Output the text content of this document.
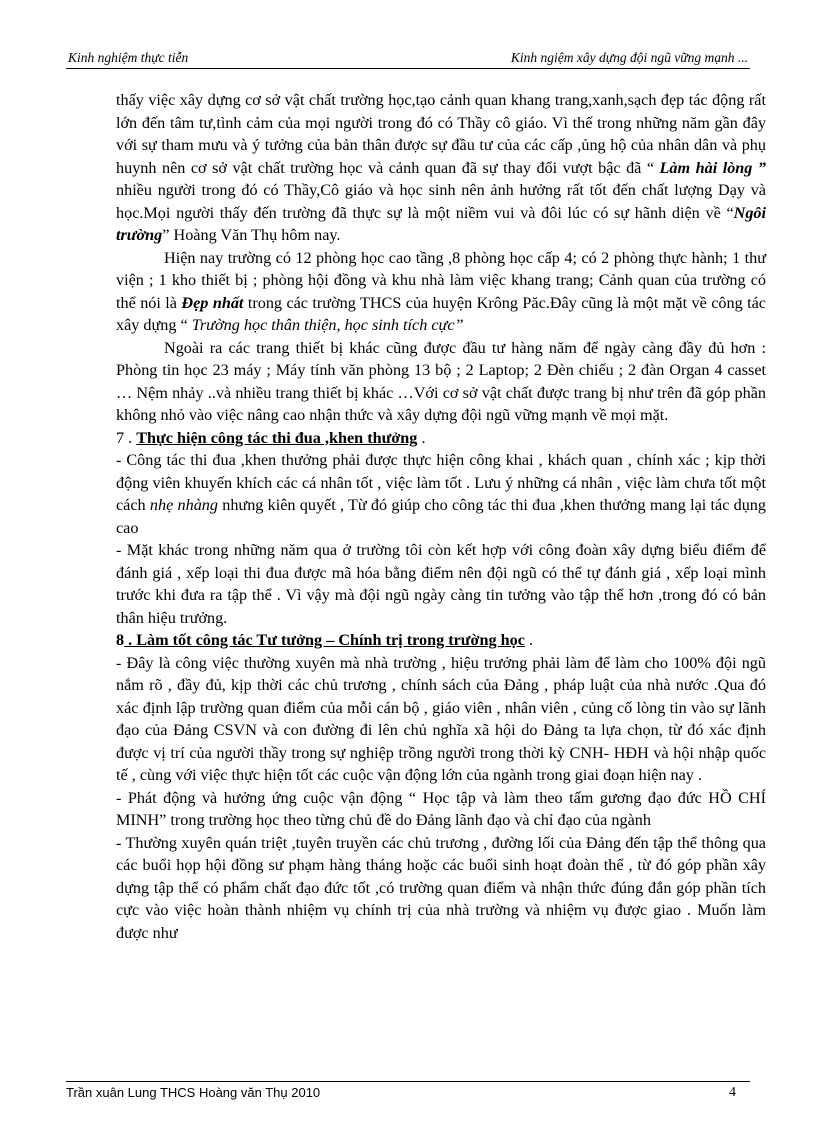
Kinh nghiệm thực tiễn	Kinh ngiệm xây dựng đội ngũ vững mạnh ...

thấy việc xây dựng cơ sở vật chất trường học,tạo cảnh quan khang trang,xanh,sạch đẹp tác động rất lớn đến tâm tư,tình cảm của mọi người trong đó có Thầy cô giáo. Vì thế trong những năm gần đây với sự tham mưu và ý tưởng của bản thân được sự đầu tư của các cấp ,ủng hộ của nhân dân và phụ huynh nên cơ sở vật chất trường học và cảnh quan đã sự thay đổi vượt bậc đã “ Làm hài lòng ” nhiều người trong đó có Thầy,Cô giáo và học sinh nên ảnh hưởng rất tốt đến chất lượng Dạy và học.Mọi người thấy đến trường đã thực sự là một niềm vui và đôi lúc có sự hãnh diện về “Ngôi trường” Hoàng Văn Thụ hôm nay.

Hiện nay trường có 12 phòng học cao tầng ,8 phòng học cấp 4; có 2 phòng thực hành; 1 thư viện ; 1 kho thiết bị ; phòng hội đồng và khu nhà làm việc khang trang; Cảnh quan của trường có thể nói là Đẹp nhất trong các trường THCS của huyện Krông Păc.Đây cũng là một mặt về công tác xây dựng “ Trường học thân thiện, học sinh tích cực”

Ngoài ra các trang thiết bị khác cũng được đầu tư hàng năm để ngày càng đầy đủ hơn : Phòng tin học 23 máy ; Máy tính văn phòng 13 bộ ; 2 Laptop; 2 Đèn chiếu ; 2 đàn Organ 4 casset … Nệm nhảy ..và nhiều trang thiết bị khác …Với cơ sở vật chất được trang bị như trên đã góp phần không nhỏ vào việc nâng cao nhận thức và xây dựng đội ngũ vững mạnh về mọi mặt.

7 . Thực hiện công tác thi đua ,khen thưởng .

- Công tác thi đua ,khen thưởng phải được thực hiện công khai , khách quan , chính xác ; kịp thời động viên khuyến khích các cá nhân tốt , việc làm tốt . Lưu ý những cá nhân , việc làm chưa tốt một cách nhẹ nhàng nhưng kiên quyết , Từ đó giúp cho công tác thi đua ,khen thưởng mang lại tác dụng cao

- Mặt khác trong những năm qua ở trường tôi còn kết hợp với công đoàn xây dựng biểu điểm để đánh giá , xếp loại thi đua được mã hóa bằng điểm nên đội ngũ có thể tự đánh giá , xếp loại mình trước khi đưa ra tập thể . Vì vậy mà đội ngũ ngày càng tin tưởng vào tập thể hơn ,trong đó có bản thân hiệu trưởng.

8 . Làm tốt công tác Tư tưởng – Chính trị trong trường học .

- Đây là công việc thường xuyên mà nhà trường , hiệu trưởng phải làm để làm cho 100% đội ngũ nắm rõ , đầy đủ, kịp thời các chủ trương , chính sách của Đảng , pháp luật của nhà nước .Qua đó xác định lập trường quan điểm của mỗi cán bộ , giáo viên , nhân viên , củng cố lòng tin vào sự lãnh đạo của Đảng CSVN và con đường đi lên chủ nghĩa xã hội do Đảng ta lựa chọn, từ đó xác định được vị trí của người thầy trong sự nghiệp trồng người trong thời kỳ CNH- HĐH và hội nhập quốc tế , cùng với việc thực hiện tốt các cuộc vận động lớn của ngành trong giai đoạn hiện nay .

- Phát động và hưởng ứng cuộc vận động “ Học tập và làm theo tấm gương đạo đức HỒ CHÍ MINH” trong trường học theo từng chủ đề do Đảng lãnh đạo và chỉ đạo của ngành

- Thường xuyên quán triệt ,tuyên truyền các chủ trương , đường lối của Đảng đến tập thể thông qua các buổi họp hội đồng sư phạm hàng tháng hoặc các buổi sinh hoạt đoàn thể , từ đó góp phần xây dựng tập thể có phẩm chất đạo đức tốt ,có trường quan điểm và nhận thức đúng đắn góp phần tích cực vào việc hoàn thành nhiệm vụ chính trị của nhà trường và nhiệm vụ được giao . Muốn làm được như

Trần xuân Lung THCS Hoàng văn Thụ 2010	4
